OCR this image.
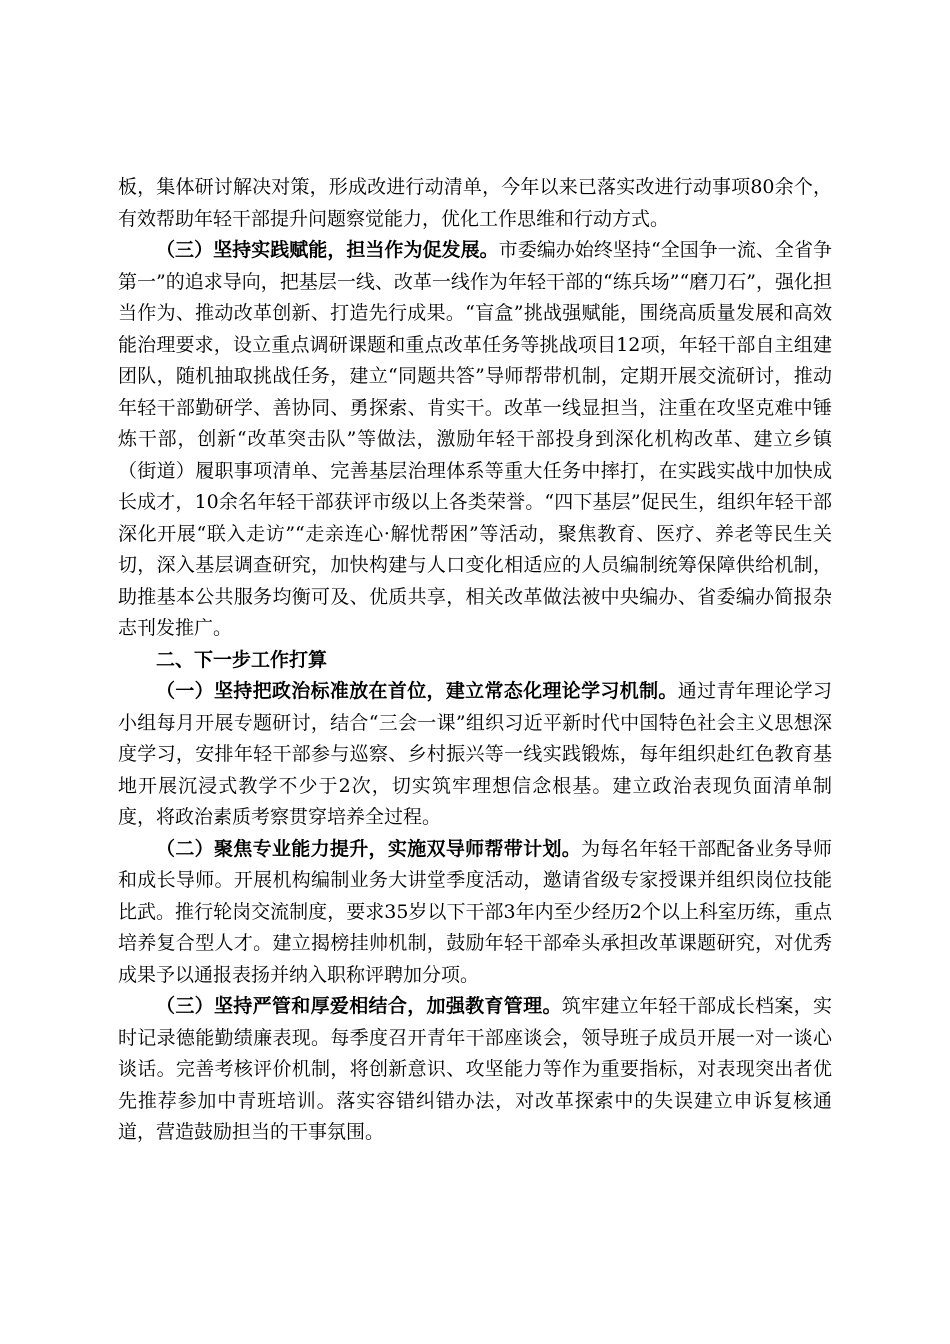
板，集体研讨解决对策，形成改进行动清单，今年以来已落实改进行动事项80余个，有效帮助年轻干部提升问题察觉能力，优化工作思维和行动方式。

（三）坚持实践赋能，担当作为促发展。市委编办始终坚持“全国争一流、全省争第一”的追求导向，把基层一线、改革一线作为年轻干部的“练兵场”“磨刀石”，强化担当作为、推动改革创新、打造先行成果。“盲盒”挑战强赋能，围绕高质量发展和高效能治理要求，设立重点调研课题和重点改革任务等挑战项目12项，年轻干部自主组建团队，随机抽取挑战任务，建立“同题共答”导师帮带机制，定期开展交流研讨，推动年轻干部勤研学、善协同、勇探索、肯实干。改革一线显担当，注重在攻坚克难中锤炼干部，创新“改革突击队”等做法，激励年轻干部投身到深化机构改革、建立乡镇（街道）履职事项清单、完善基层治理体系等重大任务中摔打，在实践实战中加快成长成才，10余名年轻干部获评市级以上各类荣誉。“四下基层”促民生，组织年轻干部深化开展“联入走访”“走亲连心·解忧帮困”等活动，聚焦教育、医疗、养老等民生关切，深入基层调查研究，加快构建与人口变化相适应的人员编制统筹保障供给机制，助推基本公共服务均衡可及、优质共享，相关改革做法被中央编办、省委编办简报杂志刊发推广。

二、下一步工作打算

（一）坚持把政治标准放在首位，建立常态化理论学习机制。通过青年理论学习小组每月开展专题研讨，结合“三会一课”组织习近平新时代中国特色社会主义思想深度学习，安排年轻干部参与巡察、乡村振兴等一线实践锻炼，每年组织赴红色教育基地开展沉浸式教学不少于2次，切实筑牢理想信念根基。建立政治表现负面清单制度，将政治素质考察贯穿培养全过程。

（二）聚焦专业能力提升，实施双导师帮带计划。为每名年轻干部配备业务导师和成长导师。开展机构编制业务大讲堂季度活动，邀请省级专家授课并组织岗位技能比武。推行轮岗交流制度，要求35岁以下干部3年内至少经历2个以上科室历练，重点培养复合型人才。建立揭榜挂帅机制，鼓励年轻干部牵头承担改革课题研究，对优秀成果予以通报表扬并纳入职称评聘加分项。

（三）坚持严管和厚爱相结合，加强教育管理。筑牢建立年轻干部成长档案，实时记录德能勤绩廉表现。每季度召开青年干部座谈会，领导班子成员开展一对一谈心谈话。完善考核评价机制，将创新意识、攻坚能力等作为重要指标，对表现突出者优先推荐参加中青班培训。落实容错纠错办法，对改革探索中的失误建立申诉复核通道，营造鼓励担当的干事氛围。
